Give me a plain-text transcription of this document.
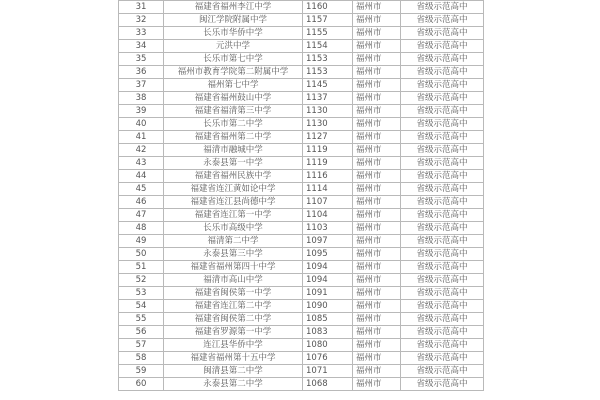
31	福建省福州李江中学	1160	福州市	省级示范高中
32	闽江学院附属中学	1157	福州市	省级示范高中
33	长乐市华侨中学	1155	福州市	省级示范高中
34	元洪中学	1154	福州市	省级示范高中
35	长乐市第七中学	1153	福州市	省级示范高中
36	福州市教育学院第二附属中学	1153	福州市	省级示范高中
37	福州第七中学	1145	福州市	省级示范高中
38	福建省福州鼓山中学	1137	福州市	省级示范高中
39	福建省福清第三中学	1130	福州市	省级示范高中
40	长乐市第二中学	1130	福州市	省级示范高中
41	福建省福州第二中学	1127	福州市	省级示范高中
42	福清市融城中学	1119	福州市	省级示范高中
43	永泰县第一中学	1119	福州市	省级示范高中
44	福建省福州民族中学	1116	福州市	省级示范高中
45	福建省连江黄如论中学	1114	福州市	省级示范高中
46	福建省连江县尚德中学	1107	福州市	省级示范高中
47	福建省连江第一中学	1104	福州市	省级示范高中
48	长乐市高级中学	1103	福州市	省级示范高中
49	福清第二中学	1097	福州市	省级示范高中
50	永泰县第三中学	1095	福州市	省级示范高中
51	福建省福州第四十中学	1094	福州市	省级示范高中
52	福清市高山中学	1094	福州市	省级示范高中
53	福建省闽侯第一中学	1091	福州市	省级示范高中
54	福建省连江第二中学	1090	福州市	省级示范高中
55	福建省闽侯第二中学	1085	福州市	省级示范高中
56	福建省罗源第一中学	1083	福州市	省级示范高中
57	连江县华侨中学	1080	福州市	省级示范高中
58	福建省福州第十五中学	1076	福州市	省级示范高中
59	闽清县第二中学	1071	福州市	省级示范高中
60	永泰县第二中学	1068	福州市	省级示范高中
